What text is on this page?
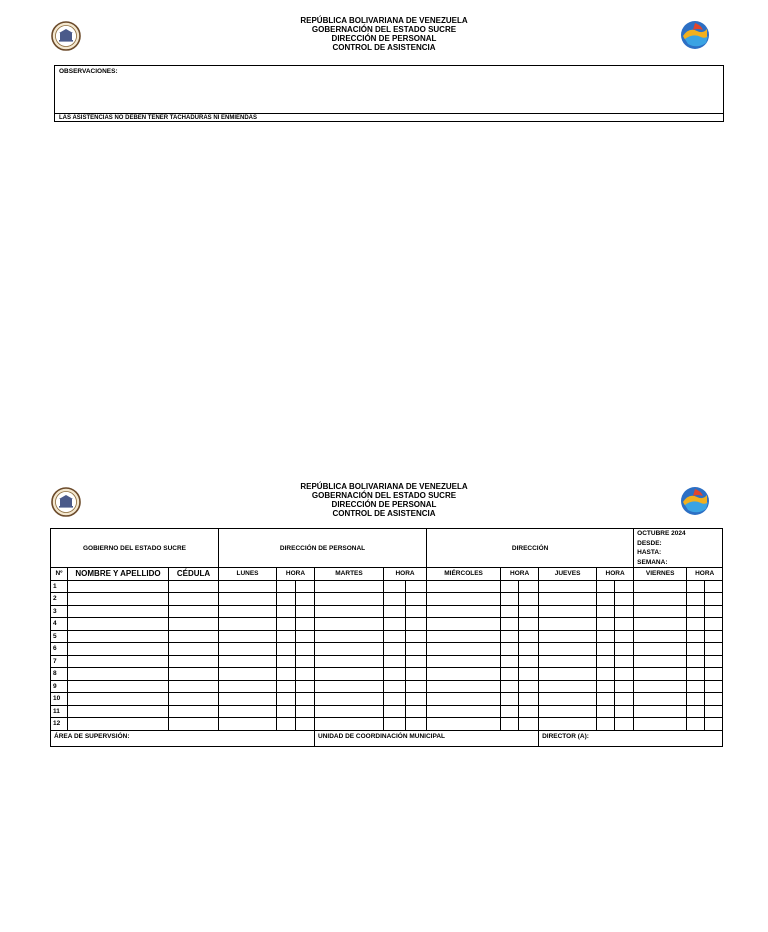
REPÚBLICA BOLIVARIANA DE VENEZUELA
GOBERNACIÓN DEL ESTADO SUCRE
DIRECCIÓN DE PERSONAL
CONTROL DE ASISTENCIA
OBSERVACIONES:
LAS ASISTENCIAS NO DEBEN TENER TACHADURAS NI ENMIENDAS
REPÚBLICA BOLIVARIANA DE VENEZUELA
GOBERNACIÓN DEL ESTADO SUCRE
DIRECCIÓN DE PERSONAL
CONTROL DE ASISTENCIA
GOBIERNO DEL ESTADO SUCRE			DIRECCIÓN DE PERSONAL						DIRECCIÓN						OCTUBRE 2024
DESDE:
HASTA:
SEMANA:		

Nº	NOMBRE Y APELLIDO	CÉDULA	LUNES	HORA		MARTES	HORA		MIÉRCOLES	HORA		JUEVES	HORA		VIERNES	HORA	
1																	
2																	
3																	
4																	
5																	
6																	
7																	
8																	
9																	
10																	
11																	
12																	
ÁREA DE SUPERVSIÓN:						UNIDAD DE COORDINACIÓN MUNICIPAL						DIRECTOR (A):					
